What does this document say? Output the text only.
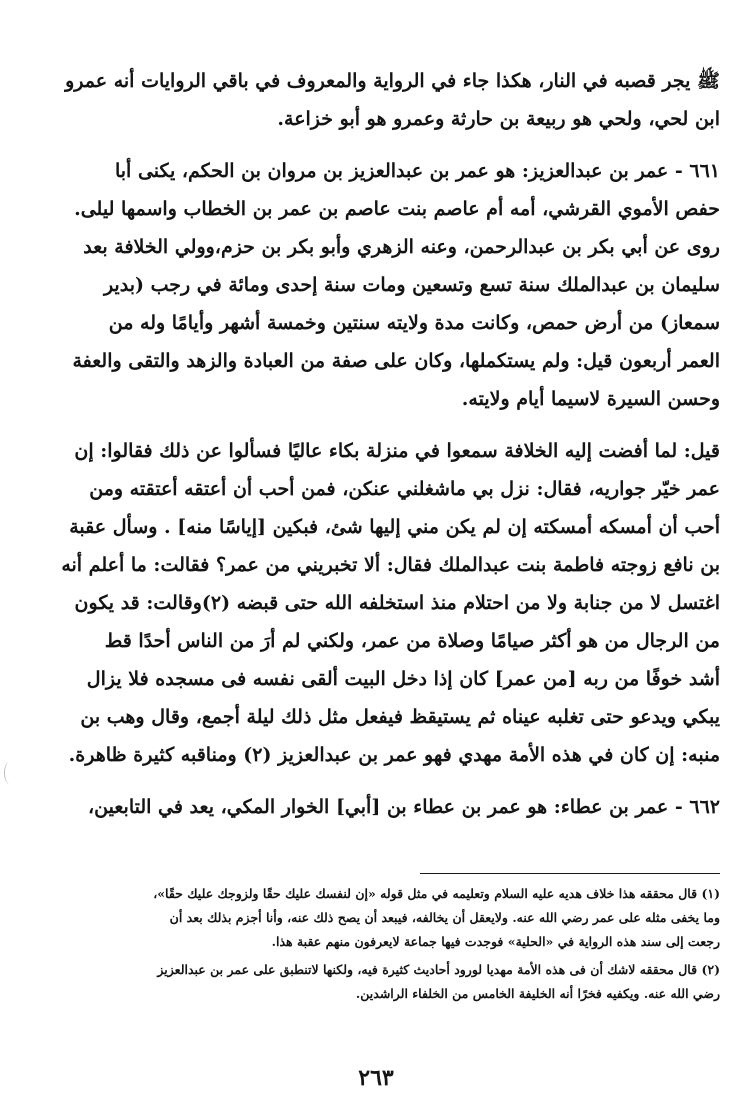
ﷺ يجر قصبه في النار، هكذا جاء في الرواية والمعروف في باقي الروايات أنه عمرو
ابن لحي، ولحي هو ربيعة بن حارثة وعمرو هو أبو خزاعة.
٦٦١ - عمر بن عبدالعزيز: هو عمر بن عبدالعزيز بن مروان بن الحكم، يكنى أبا
حفص الأموي القرشي، أمه أم عاصم بنت عاصم بن عمر بن الخطاب واسمها ليلى.
روى عن أبي بكر بن عبدالرحمن، وعنه الزهري وأبو بكر بن حزم،وولي الخلافة بعد
سليمان بن عبدالملك سنة تسع وتسعين ومات سنة إحدى ومائة في رجب (بدير
سمعاز) من أرض حمص، وكانت مدة ولايته سنتين وخمسة أشهر وأيامًا وله من
العمر أربعون قيل: ولم يستكملها، وكان على صفة من العبادة والزهد والتقى والعفة
وحسن السيرة لاسيما أيام ولايته.
قيل: لما أفضت إليه الخلافة سمعوا في منزلة بكاء عاليًا فسألوا عن ذلك فقالوا: إن
عمر خيّر جواريه، فقال: نزل بي ماشغلني عنكن، فمن أحب أن أعتقه أعتقته ومن
أحب أن أمسكه أمسكته إن لم يكن مني إليها شئ، فبكين [إياسًا منه] . وسأل عقبة
بن نافع زوجته فاطمة بنت عبدالملك فقال: ألا تخبريني من عمر؟ فقالت: ما أعلم أنه
اغتسل لا من جنابة ولا من احتلام منذ استخلفه الله حتى قبضه (٢)وقالت: قد يكون
من الرجال من هو أكثر صيامًا وصلاة من عمر، ولكني لم أرَ من الناس أحدًا قط
أشد خوفًا من ربه [من عمر] كان إذا دخل البيت ألقى نفسه فى مسجده فلا يزال
يبكي ويدعو حتى تغلبه عيناه ثم يستيقظ فيفعل مثل ذلك ليلة أجمع، وقال وهب بن
منبه: إن كان في هذه الأمة مهدي فهو عمر بن عبدالعزيز (٢) ومناقبه كثيرة ظاهرة.
٦٦٢ - عمر بن عطاء: هو عمر بن عطاء بن [أبي] الخوار المكي، يعد في التابعين،
(١) قال محققه هذا خلاف هديه عليه السلام وتعليمه في مثل قوله «إن لنفسك عليك حقًا ولزوجك عليك حقًا»،
وما يخفى مثله على عمر رضي الله عنه. ولايعقل أن يخالفه، فيبعد أن يصح ذلك عنه، وأنا أجزم بذلك بعد أن
رجعت إلى سند هذه الرواية في «الحلية» فوجدت فيها جماعة لايعرفون منهم عقبة هذا.
(٢) قال محققه لاشك أن فى هذه الأمة مهديا لورود أحاديث كثيرة فيه، ولكنها لاتنطبق على عمر بن عبدالعزيز
رضي الله عنه. ويكفيه فخرًا أنه الخليفة الخامس من الخلفاء الراشدين.
٢٦٣
